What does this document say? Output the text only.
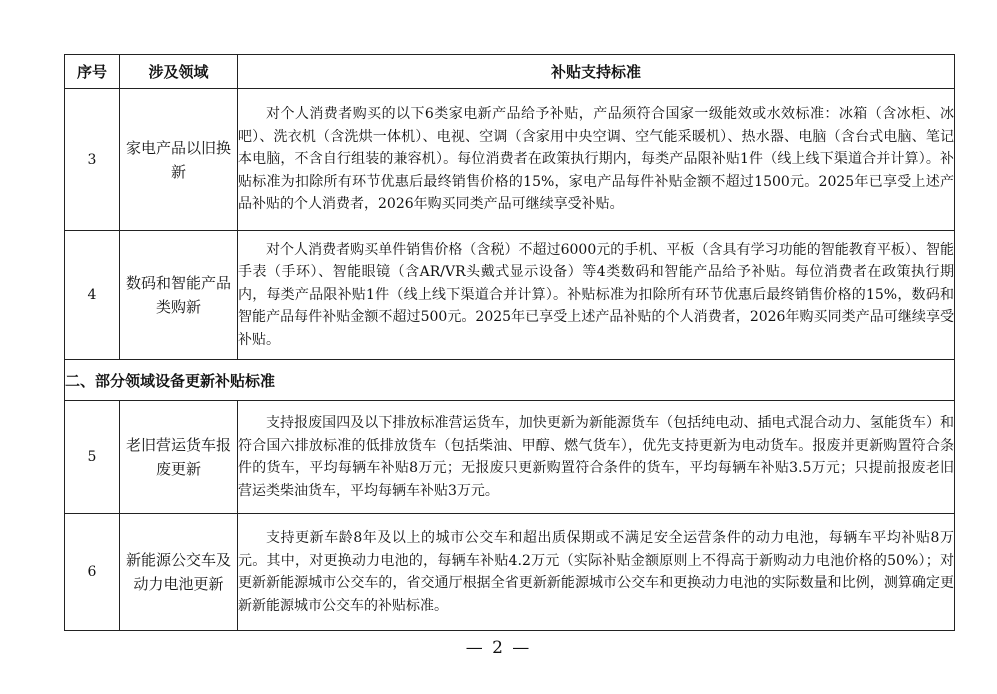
序号	涉及领域	补贴支持标准
3	家电产品以旧换新	对个人消费者购买的以下6类家电新产品给予补贴，产品须符合国家一级能效或水效标准：冰箱（含冰柜、冰吧）、洗衣机（含洗烘一体机）、电视、空调（含家用中央空调、空气能采暖机）、热水器、电脑（含台式电脑、笔记本电脑，不含自行组装的兼容机）。每位消费者在政策执行期内，每类产品限补贴1件（线上线下渠道合并计算）。补贴标准为扣除所有环节优惠后最终销售价格的15%，家电产品每件补贴金额不超过1500元。2025年已享受上述产品补贴的个人消费者，2026年购买同类产品可继续享受补贴。
4	数码和智能产品类购新	对个人消费者购买单件销售价格（含税）不超过6000元的手机、平板（含具有学习功能的智能教育平板）、智能手表（手环）、智能眼镜（含AR/VR头戴式显示设备）等4类数码和智能产品给予补贴。每位消费者在政策执行期内，每类产品限补贴1件（线上线下渠道合并计算）。补贴标准为扣除所有环节优惠后最终销售价格的15%，数码和智能产品每件补贴金额不超过500元。2025年已享受上述产品补贴的个人消费者，2026年购买同类产品可继续享受补贴。
二、部分领域设备更新补贴标准		
5	老旧营运货车报废更新	支持报废国四及以下排放标准营运货车，加快更新为新能源货车（包括纯电动、插电式混合动力、氢能货车）和符合国六排放标准的低排放货车（包括柴油、甲醇、燃气货车），优先支持更新为电动货车。报废并更新购置符合条件的货车，平均每辆车补贴8万元；无报废只更新购置符合条件的货车，平均每辆车补贴3.5万元；只提前报废老旧营运类柴油货车，平均每辆车补贴3万元。
6	新能源公交车及动力电池更新	支持更新车龄8年及以上的城市公交车和超出质保期或不满足安全运营条件的动力电池，每辆车平均补贴8万元。其中，对更换动力电池的，每辆车补贴4.2万元（实际补贴金额原则上不得高于新购动力电池价格的50%）；对更新新能源城市公交车的，省交通厅根据全省更新新能源城市公交车和更换动力电池的实际数量和比例，测算确定更新新能源城市公交车的补贴标准。
— 2 —
